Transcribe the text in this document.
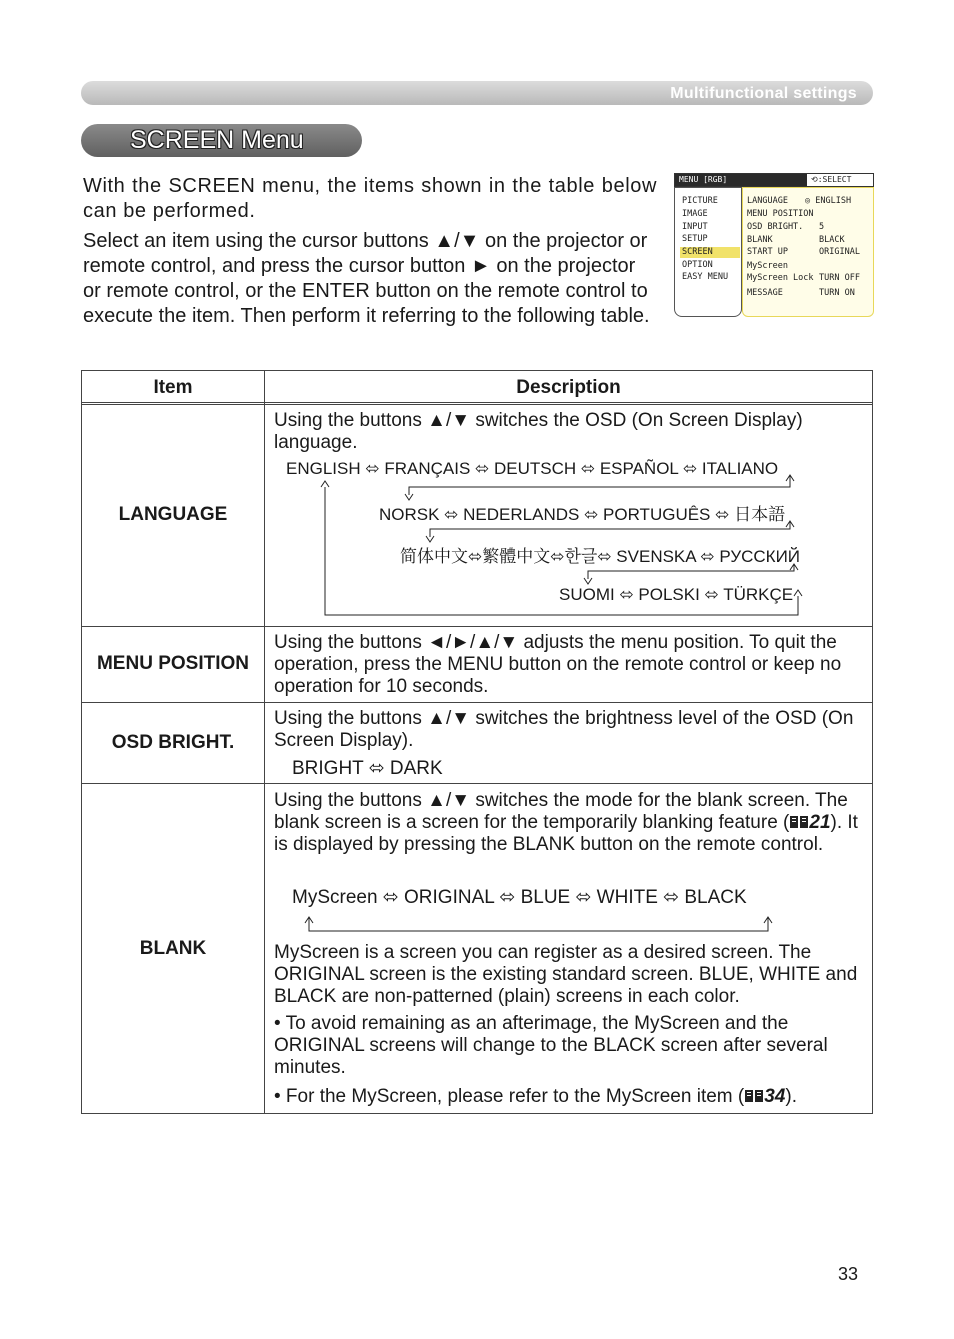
Multifunctional settings
SCREEN Menu
With the SCREEN menu, the items shown in the table below can be performed.
Select an item using the cursor buttons ▲/▼ on the projector or remote control, and press the cursor button ► on the projector or remote control, or the ENTER button on the remote control to execute the item. Then perform it referring to the following table.
MENU [RGB]	⟲:SELECT
PICTURE
IMAGE
INPUT
SETUP
SCREEN
OPTION
EASY MENU
LANGUAGE ◎ ENGLISH
MENU POSITION
OSD BRIGHT. 5
BLANK	BLACK
START UP	ORIGINAL
MyScreen
MyScreen Lock TURN OFF
MESSAGE	TURN ON
Item	Description
LANGUAGE
Using the buttons ▲/▼ switches the OSD (On Screen Display) language.
ENGLISH ⬄ FRANÇAIS ⬄ DEUTSCH ⬄ ESPAÑOL ⬄ ITALIANO
NORSK ⬄ NEDERLANDS ⬄ PORTUGUÊS ⬄ 日本語
简体中文⬄繁體中文⬄한글⬄ SVENSKA ⬄ РУССКИЙ
SUOMI ⬄ POLSKI ⬄ TÜRKÇE
MENU POSITION
Using the buttons ◄/►/▲/▼ adjusts the menu position. To quit the operation, press the MENU button on the remote control or keep no operation for 10 seconds.
OSD BRIGHT.
Using the buttons ▲/▼ switches the brightness level of the OSD (On Screen Display).
BRIGHT ⬄ DARK
BLANK
Using the buttons ▲/▼ switches the mode for the blank screen. The blank screen is a screen for the temporarily blanking feature ( 21). It is displayed by pressing the BLANK button on the remote control.
MyScreen ⬄ ORIGINAL ⬄ BLUE ⬄ WHITE ⬄ BLACK
MyScreen is a screen you can register as a desired screen. The ORIGINAL screen is the existing standard screen. BLUE, WHITE and BLACK are non-patterned (plain) screens in each color.
• To avoid remaining as an afterimage, the MyScreen and the ORIGINAL screens will change to the BLACK screen after several minutes.
• For the MyScreen, please refer to the MyScreen item ( 34).
33
